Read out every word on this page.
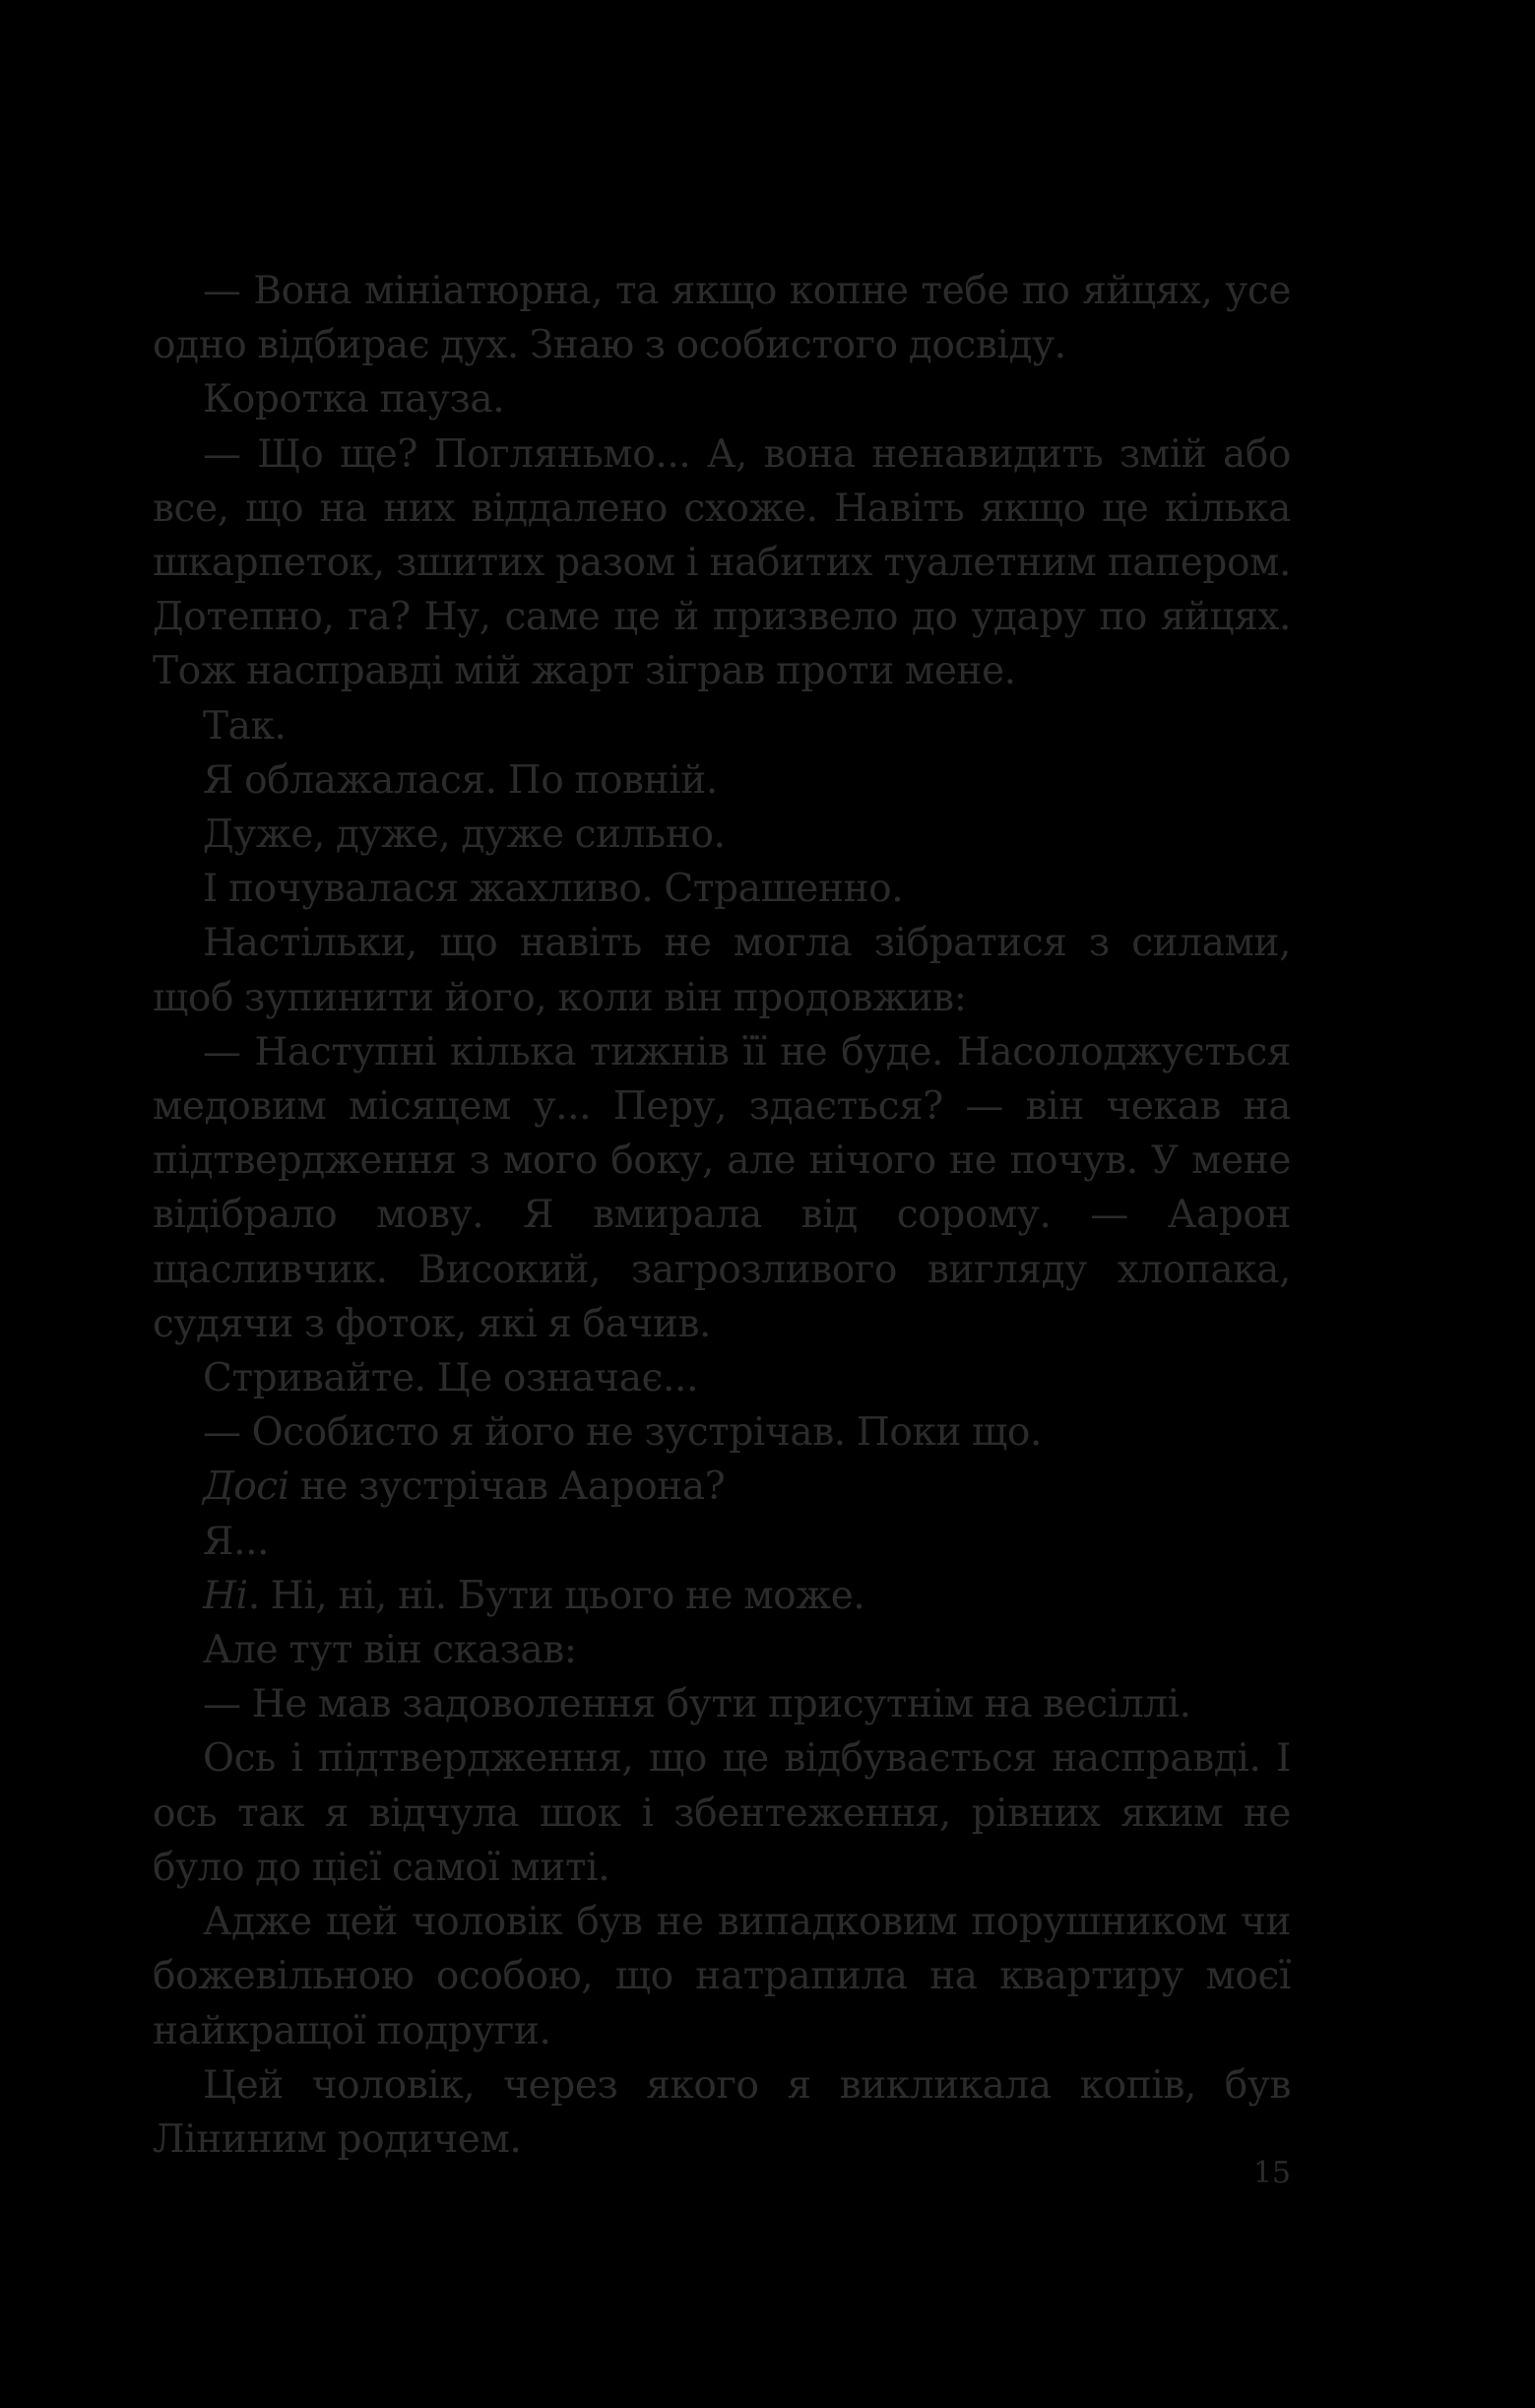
— Вона мініатюрна, та якщо копне тебе по яйцях, усе одно відбирає дух. Знаю з особистого досвіду.

Коротка пауза.

— Що ще? Погляньмо... А, вона ненавидить змій або все, що на них віддалено схоже. Навіть якщо це кілька шкарпеток, зшитих разом і набитих туалетним папером. Дотепно, га? Ну, саме це й призвело до удару по яйцях. Тож насправді мій жарт зіграв проти мене.

Так.

Я облажалася. По повній.

Дуже, дуже, дуже сильно.

І почувалася жахливо. Страшенно.

Настільки, що навіть не могла зібратися з силами, щоб зупинити його, коли він продовжив:

— Наступні кілька тижнів її не буде. Насолоджується медовим місяцем у... Перу, здається? — він чекав на підтвердження з мого боку, але нічого не почув. У мене відібрало мову. Я вмирала від сорому. — Аарон щасливчик. Високий, загрозливого вигляду хлопака, судячи з фоток, які я бачив.

Стривайте. Це означає...

— Особисто я його не зустрічав. Поки що.

Досі не зустрічав Аарона?

Я...

Ні. Ні, ні, ні. Бути цього не може.

Але тут він сказав:

— Не мав задоволення бути присутнім на весіллі.

Ось і підтвердження, що це відбувається насправді. І ось так я відчула шок і збентеження, рівних яким не було до цієї самої миті.

Адже цей чоловік був не випадковим порушником чи божевільною особою, що натрапила на квартиру моєї найкращої подруги.

Цей чоловік, через якого я викликала копів, був Ліниним родичем.

15
